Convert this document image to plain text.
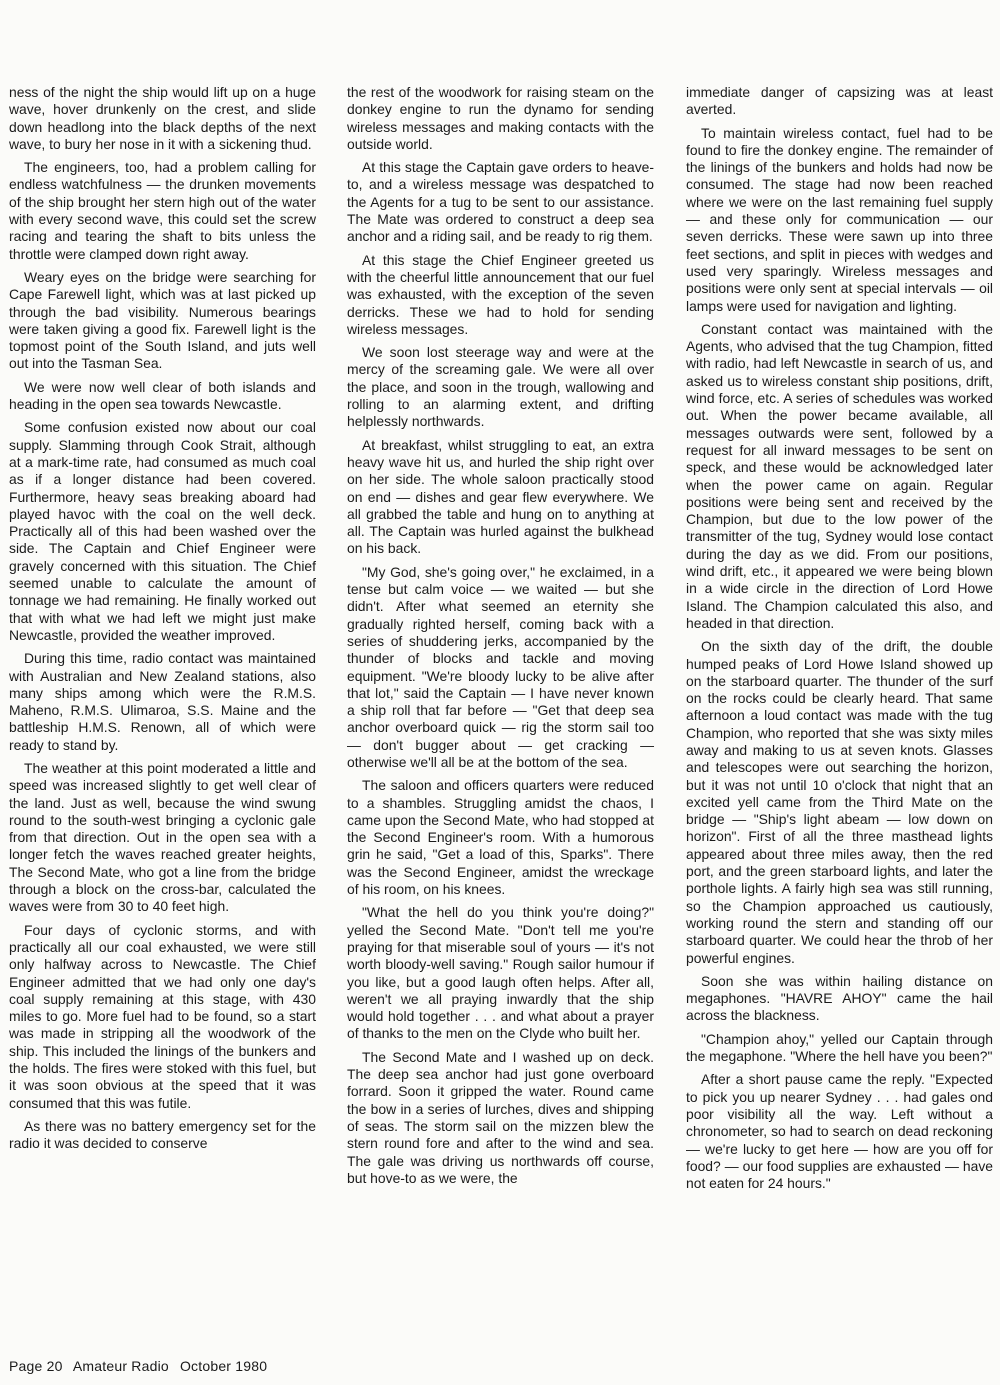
ness of the night the ship would lift up on a huge wave, hover drunkenly on the crest, and slide down headlong into the black depths of the next wave, to bury her nose in it with a sickening thud.

The engineers, too, had a problem calling for endless watchfulness — the drunken movements of the ship brought her stern high out of the water with every second wave, this could set the screw racing and tearing the shaft to bits unless the throttle were clamped down right away.

Weary eyes on the bridge were searching for Cape Farewell light, which was at last picked up through the bad visibility. Numerous bearings were taken giving a good fix. Farewell light is the topmost point of the South Island, and juts well out into the Tasman Sea.

We were now well clear of both islands and heading in the open sea towards Newcastle.

Some confusion existed now about our coal supply. Slamming through Cook Strait, although at a mark-time rate, had consumed as much coal as if a longer distance had been covered. Furthermore, heavy seas breaking aboard had played havoc with the coal on the well deck. Practically all of this had been washed over the side. The Captain and Chief Engineer were gravely concerned with this situation. The Chief seemed unable to calculate the amount of tonnage we had remaining. He finally worked out that with what we had left we might just make Newcastle, provided the weather improved.

During this time, radio contact was maintained with Australian and New Zealand stations, also many ships among which were the R.M.S. Maheno, R.M.S. Ulimaroa, S.S. Maine and the battleship H.M.S. Renown, all of which were ready to stand by.

The weather at this point moderated a little and speed was increased slightly to get well clear of the land. Just as well, because the wind swung round to the south-west bringing a cyclonic gale from that direction. Out in the open sea with a longer fetch the waves reached greater heights, The Second Mate, who got a line from the bridge through a block on the cross-bar, calculated the waves were from 30 to 40 feet high.

Four days of cyclonic storms, and with practically all our coal exhausted, we were still only halfway across to Newcastle. The Chief Engineer admitted that we had only one day's coal supply remaining at this stage, with 430 miles to go. More fuel had to be found, so a start was made in stripping all the woodwork of the ship. This included the linings of the bunkers and the holds. The fires were stoked with this fuel, but it was soon obvious at the speed that it was consumed that this was futile.

As there was no battery emergency set for the radio it was decided to conserve

the rest of the woodwork for raising steam on the donkey engine to run the dynamo for sending wireless messages and making contacts with the outside world.

At this stage the Captain gave orders to heave-to, and a wireless message was despatched to the Agents for a tug to be sent to our assistance. The Mate was ordered to construct a deep sea anchor and a riding sail, and be ready to rig them.

At this stage the Chief Engineer greeted us with the cheerful little announcement that our fuel was exhausted, with the exception of the seven derricks. These we had to hold for sending wireless messages.

We soon lost steerage way and were at the mercy of the screaming gale. We were all over the place, and soon in the trough, wallowing and rolling to an alarming extent, and drifting helplessly northwards.

At breakfast, whilst struggling to eat, an extra heavy wave hit us, and hurled the ship right over on her side. The whole saloon practically stood on end — dishes and gear flew everywhere. We all grabbed the table and hung on to anything at all. The Captain was hurled against the bulkhead on his back.

"My God, she's going over," he exclaimed, in a tense but calm voice — we waited — but she didn't. After what seemed an eternity she gradually righted herself, coming back with a series of shuddering jerks, accompanied by the thunder of blocks and tackle and moving equipment. "We're bloody lucky to be alive after that lot," said the Captain — I have never known a ship roll that far before — "Get that deep sea anchor overboard quick — rig the storm sail too — don't bugger about — get cracking — otherwise we'll all be at the bottom of the sea.

The saloon and officers quarters were reduced to a shambles. Struggling amidst the chaos, I came upon the Second Mate, who had stopped at the Second Engineer's room. With a humorous grin he said, "Get a load of this, Sparks". There was the Second Engineer, amidst the wreckage of his room, on his knees.

"What the hell do you think you're doing?" yelled the Second Mate. "Don't tell me you're praying for that miserable soul of yours — it's not worth bloody-well saving." Rough sailor humour if you like, but a good laugh often helps. After all, weren't we all praying inwardly that the ship would hold together . . . and what about a prayer of thanks to the men on the Clyde who built her.

The Second Mate and I washed up on deck. The deep sea anchor had just gone overboard forrard. Soon it gripped the water. Round came the bow in a series of lurches, dives and shipping of seas. The storm sail on the mizzen blew the stern round fore and after to the wind and sea. The gale was driving us northwards off course, but hove-to as we were, the

immediate danger of capsizing was at least averted.

To maintain wireless contact, fuel had to be found to fire the donkey engine. The remainder of the linings of the bunkers and holds had now be consumed. The stage had now been reached where we were on the last remaining fuel supply — and these only for communication — our seven derricks. These were sawn up into three feet sections, and split in pieces with wedges and used very sparingly. Wireless messages and positions were only sent at special intervals — oil lamps were used for navigation and lighting.

Constant contact was maintained with the Agents, who advised that the tug Champion, fitted with radio, had left Newcastle in search of us, and asked us to wireless constant ship positions, drift, wind force, etc. A series of schedules was worked out. When the power became available, all messages outwards were sent, followed by a request for all inward messages to be sent on speck, and these would be acknowledged later when the power came on again. Regular positions were being sent and received by the Champion, but due to the low power of the transmitter of the tug, Sydney would lose contact during the day as we did. From our positions, wind drift, etc., it appeared we were being blown in a wide circle in the direction of Lord Howe Island. The Champion calculated this also, and headed in that direction.

On the sixth day of the drift, the double humped peaks of Lord Howe Island showed up on the starboard quarter. The thunder of the surf on the rocks could be clearly heard. That same afternoon a loud contact was made with the tug Champion, who reported that she was sixty miles away and making to us at seven knots. Glasses and telescopes were out searching the horizon, but it was not until 10 o'clock that night that an excited yell came from the Third Mate on the bridge — "Ship's light abeam — low down on horizon". First of all the three masthead lights appeared about three miles away, then the red port, and the green starboard lights, and later the porthole lights. A fairly high sea was still running, so the Champion approached us cautiously, working round the stern and standing off our starboard quarter. We could hear the throb of her powerful engines.

Soon she was within hailing distance on megaphones. "HAVRE AHOY" came the hail across the blackness.

"Champion ahoy," yelled our Captain through the megaphone. "Where the hell have you been?"

After a short pause came the reply. "Expected to pick you up nearer Sydney . . . had gales ond poor visibility all the way. Left without a chronometer, so had to search on dead reckoning — we're lucky to get here — how are you off for food? — our food supplies are exhausted — have not eaten for 24 hours."

Page 20 Amateur Radio October 1980
